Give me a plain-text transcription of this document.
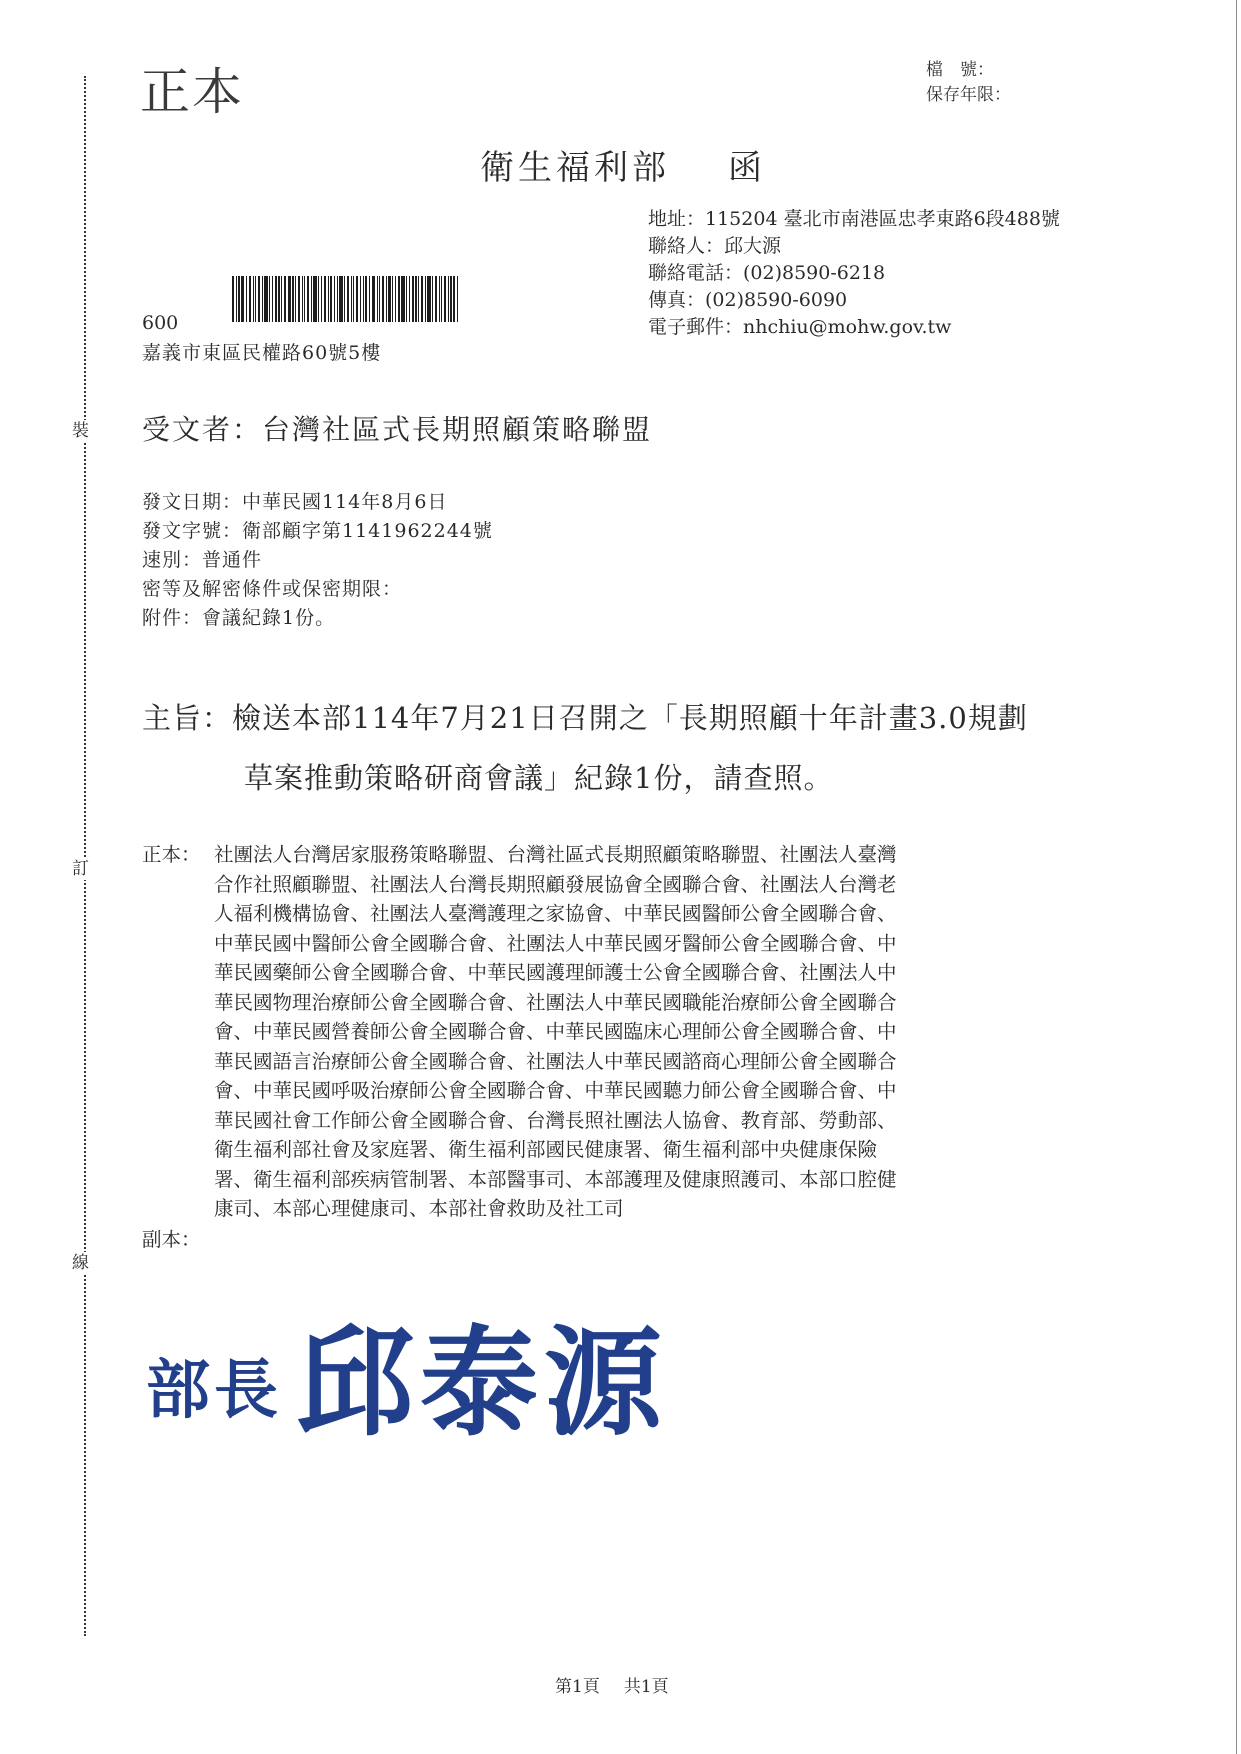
裝
訂
線
正本	檔　號：
保存年限：
衛生福利部 函
地址：115204 臺北市南港區忠孝東路6段488號
聯絡人：邱大源
聯絡電話：(02)8590-6218
傳真：(02)8590-6090
電子郵件：nhchiu@mohw.gov.tw
600
嘉義市東區民權路60號5樓
受文者：台灣社區式長期照顧策略聯盟
發文日期：中華民國114年8月6日
發文字號：衛部顧字第1141962244號
速別：普通件
密等及解密條件或保密期限：
附件：會議紀錄1份。
主旨：檢送本部114年7月21日召開之「長期照顧十年計畫3.0規劃
草案推動策略研商會議」紀錄1份，請查照。
正本： 社團法人台灣居家服務策略聯盟、台灣社區式長期照顧策略聯盟、社團法人臺灣
合作社照顧聯盟、社團法人台灣長期照顧發展協會全國聯合會、社團法人台灣老
人福利機構協會、社團法人臺灣護理之家協會、中華民國醫師公會全國聯合會、
中華民國中醫師公會全國聯合會、社團法人中華民國牙醫師公會全國聯合會、中
華民國藥師公會全國聯合會、中華民國護理師護士公會全國聯合會、社團法人中
華民國物理治療師公會全國聯合會、社團法人中華民國職能治療師公會全國聯合
會、中華民國營養師公會全國聯合會、中華民國臨床心理師公會全國聯合會、中
華民國語言治療師公會全國聯合會、社團法人中華民國諮商心理師公會全國聯合
會、中華民國呼吸治療師公會全國聯合會、中華民國聽力師公會全國聯合會、中
華民國社會工作師公會全國聯合會、台灣長照社團法人協會、教育部、勞動部、
衛生福利部社會及家庭署、衛生福利部國民健康署、衛生福利部中央健康保險
署、衛生福利部疾病管制署、本部醫事司、本部護理及健康照護司、本部口腔健
康司、本部心理健康司、本部社會救助及社工司
副本：
部長 邱泰源
第1頁 共1頁
